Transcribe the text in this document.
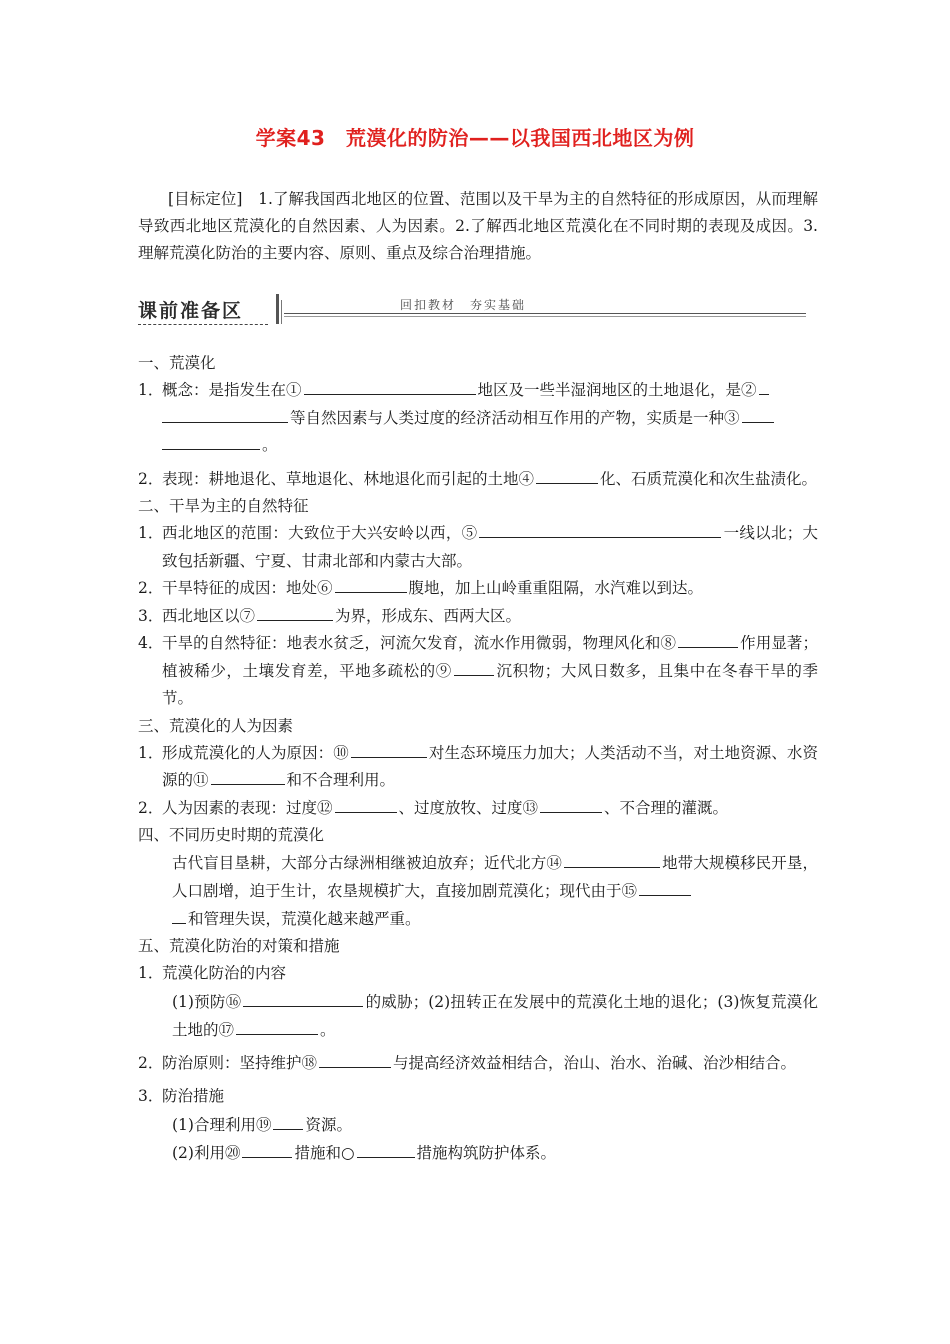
学案43　荒漠化的防治——以我国西北地区为例
[目标定位]　1.了解我国西北地区的位置、范围以及干旱为主的自然特征的形成原因，从而理解导致西北地区荒漠化的自然因素、人为因素。2.了解西北地区荒漠化在不同时期的表现及成因。3.理解荒漠化防治的主要内容、原则、重点及综合治理措施。
课前准备区	回扣教材　夯实基础
一、荒漠化
1．
概念：是指发生在①	地区及一些半湿润地区的土地退化，是②
等自然因素与人类过度的经济活动相互作用的产物，实质是一种③
。
2．
表现：耕地退化、草地退化、林地退化而引起的土地④	化、石质荒漠化和次生盐渍化。
二、干旱为主的自然特征
1．
西北地区的范围：大致位于大兴安岭以西，⑤	一线以北；大致包括新疆、宁夏、甘肃北部和内蒙古大部。
2．
干旱特征的成因：地处⑥	腹地，加上山岭重重阻隔，水汽难以到达。
3．
西北地区以⑦	为界，形成东、西两大区。
4．
干旱的自然特征：地表水贫乏，河流欠发育，流水作用微弱，物理风化和⑧	作用显著；植被稀少，土壤发育差，平地多疏松的⑨	沉积物；大风日数多，且集中在冬春干旱的季节。
三、荒漠化的人为因素
1．
形成荒漠化的人为原因：⑩	对生态环境压力加大；人类活动不当，对土地资源、水资源的⑪	和不合理利用。
2．
人为因素的表现：过度⑫	、过度放牧、过度⑬	、不合理的灌溉。
四、不同历史时期的荒漠化
古代盲目垦耕，大部分古绿洲相继被迫放弃；近代北方⑭	地带大规模移民开垦，人口剧增，迫于生计，农垦规模扩大，直接加剧荒漠化；现代由于⑮
和管理失误，荒漠化越来越严重。
五、荒漠化防治的对策和措施
1．
荒漠化防治的内容
(1)预防⑯	的威胁；(2)扭转正在发展中的荒漠化土地的退化；(3)恢复荒漠化土地的⑰	。
2．
防治原则：坚持维护⑱	与提高经济效益相结合，治山、治水、治碱、治沙相结合。
3．
防治措施
(1)合理利用⑲ 资源。
(2)利用⑳	措施和○	措施构筑防护体系。
